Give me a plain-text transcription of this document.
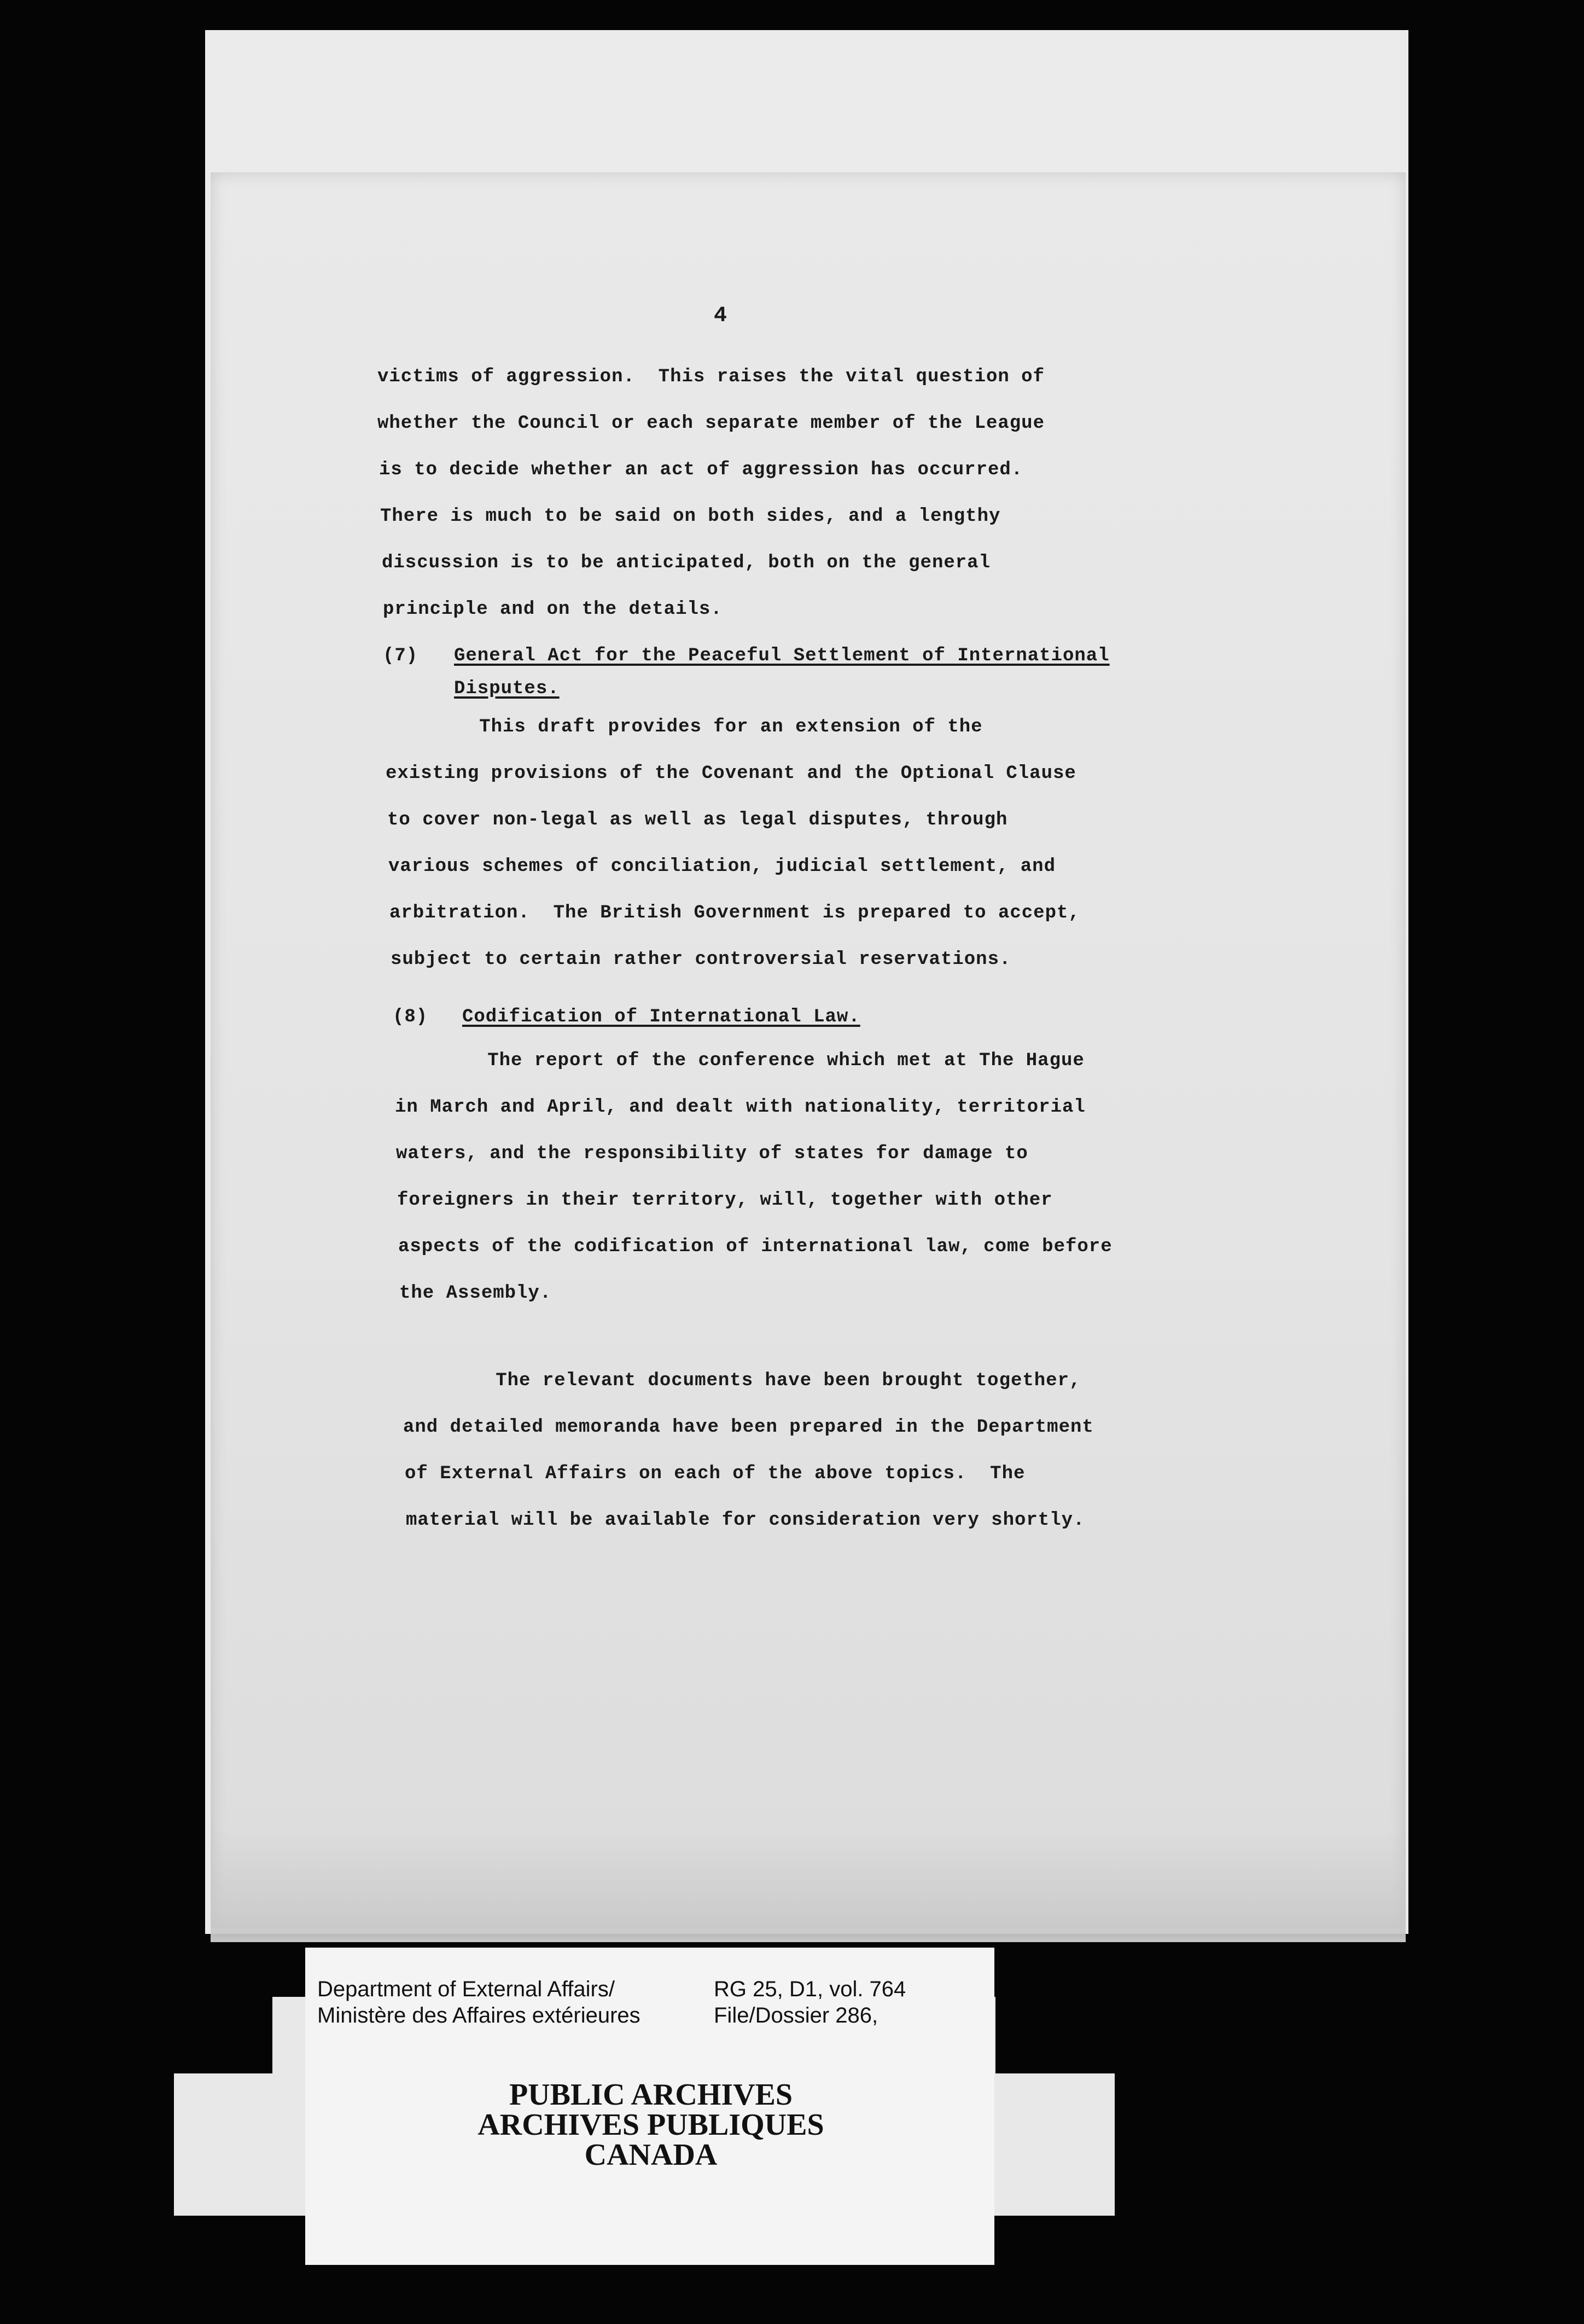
4
victims of aggression.  This raises the vital question of
whether the Council or each separate member of the League
is to decide whether an act of aggression has occurred.
There is much to be said on both sides, and a lengthy
discussion is to be anticipated, both on the general
principle and on the details.
(7) General Act for the Peaceful Settlement of International
Disputes.
This draft provides for an extension of the
existing provisions of the Covenant and the Optional Clause
to cover non-legal as well as legal disputes, through
various schemes of conciliation, judicial settlement, and
arbitration.  The British Government is prepared to accept,
subject to certain rather controversial reservations.
(8) Codification of International Law.
The report of the conference which met at The Hague
in March and April, and dealt with nationality, territorial
waters, and the responsibility of states for damage to
foreigners in their territory, will, together with other
aspects of the codification of international law, come before
the Assembly.
The relevant documents have been brought together,
and detailed memoranda have been prepared in the Department
of External Affairs on each of the above topics.  The
material will be available for consideration very shortly.
Department of External Affairs/
Ministère des Affaires extérieures
RG 25, D1, vol. 764
File/Dossier 286,
PUBLIC ARCHIVES
ARCHIVES PUBLIQUES
CANADA
